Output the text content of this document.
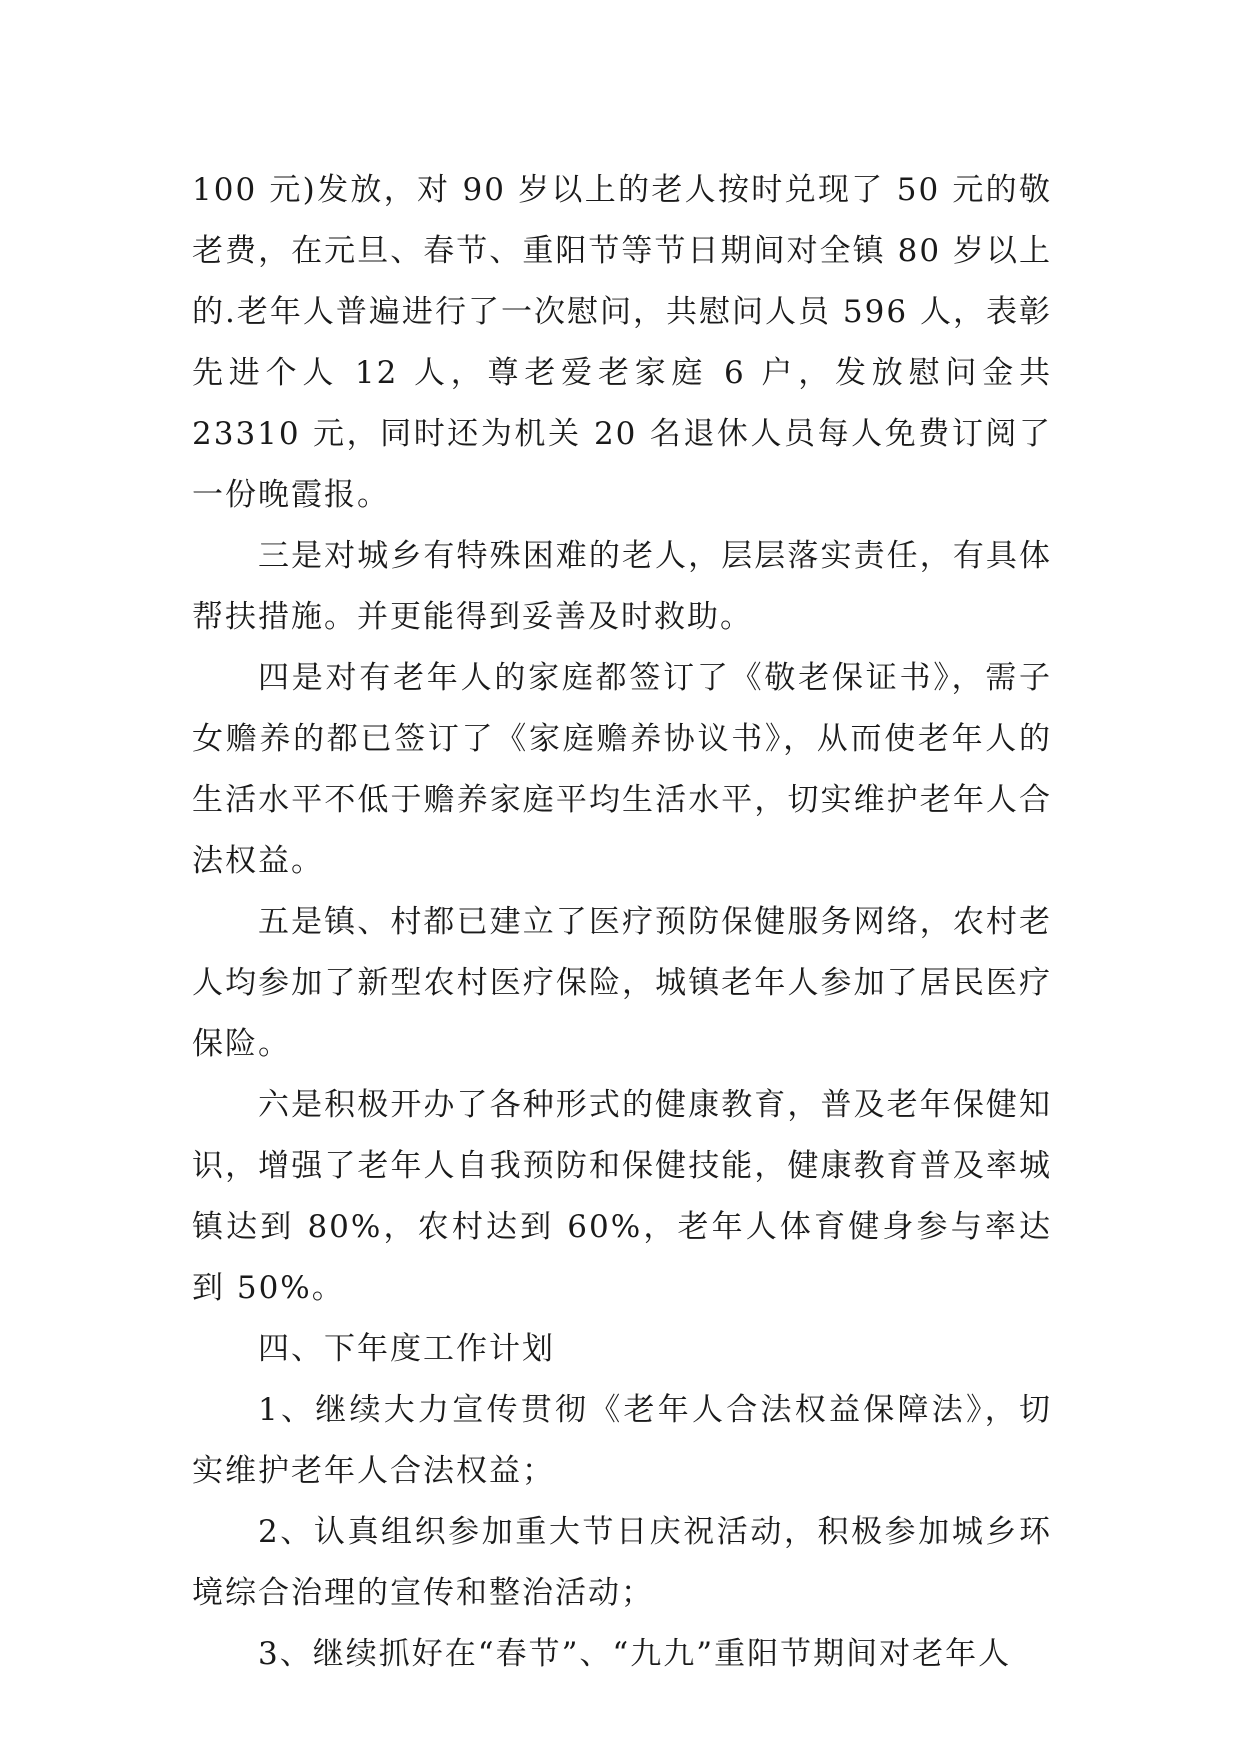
100 元)发放，对 90 岁以上的老人按时兑现了 50 元的敬老费，在元旦、春节、重阳节等节日期间对全镇 80 岁以上的.老年人普遍进行了一次慰问，共慰问人员 596 人，表彰先进个人 12 人，尊老爱老家庭 6 户，发放慰问金共 23310 元，同时还为机关 20 名退休人员每人免费订阅了一份晚霞报。

三是对城乡有特殊困难的老人，层层落实责任，有具体帮扶措施。并更能得到妥善及时救助。

四是对有老年人的家庭都签订了《敬老保证书》，需子女赡养的都已签订了《家庭赡养协议书》，从而使老年人的生活水平不低于赡养家庭平均生活水平，切实维护老年人合法权益。

五是镇、村都已建立了医疗预防保健服务网络，农村老人均参加了新型农村医疗保险，城镇老年人参加了居民医疗保险。

六是积极开办了各种形式的健康教育，普及老年保健知识，增强了老年人自我预防和保健技能，健康教育普及率城镇达到 80%，农村达到 60%，老年人体育健身参与率达到 50%。

四、下年度工作计划

1、继续大力宣传贯彻《老年人合法权益保障法》，切实维护老年人合法权益；

2、认真组织参加重大节日庆祝活动，积极参加城乡环境综合治理的宣传和整治活动；

3、继续抓好在“春节”、“九九”重阳节期间对老年人
